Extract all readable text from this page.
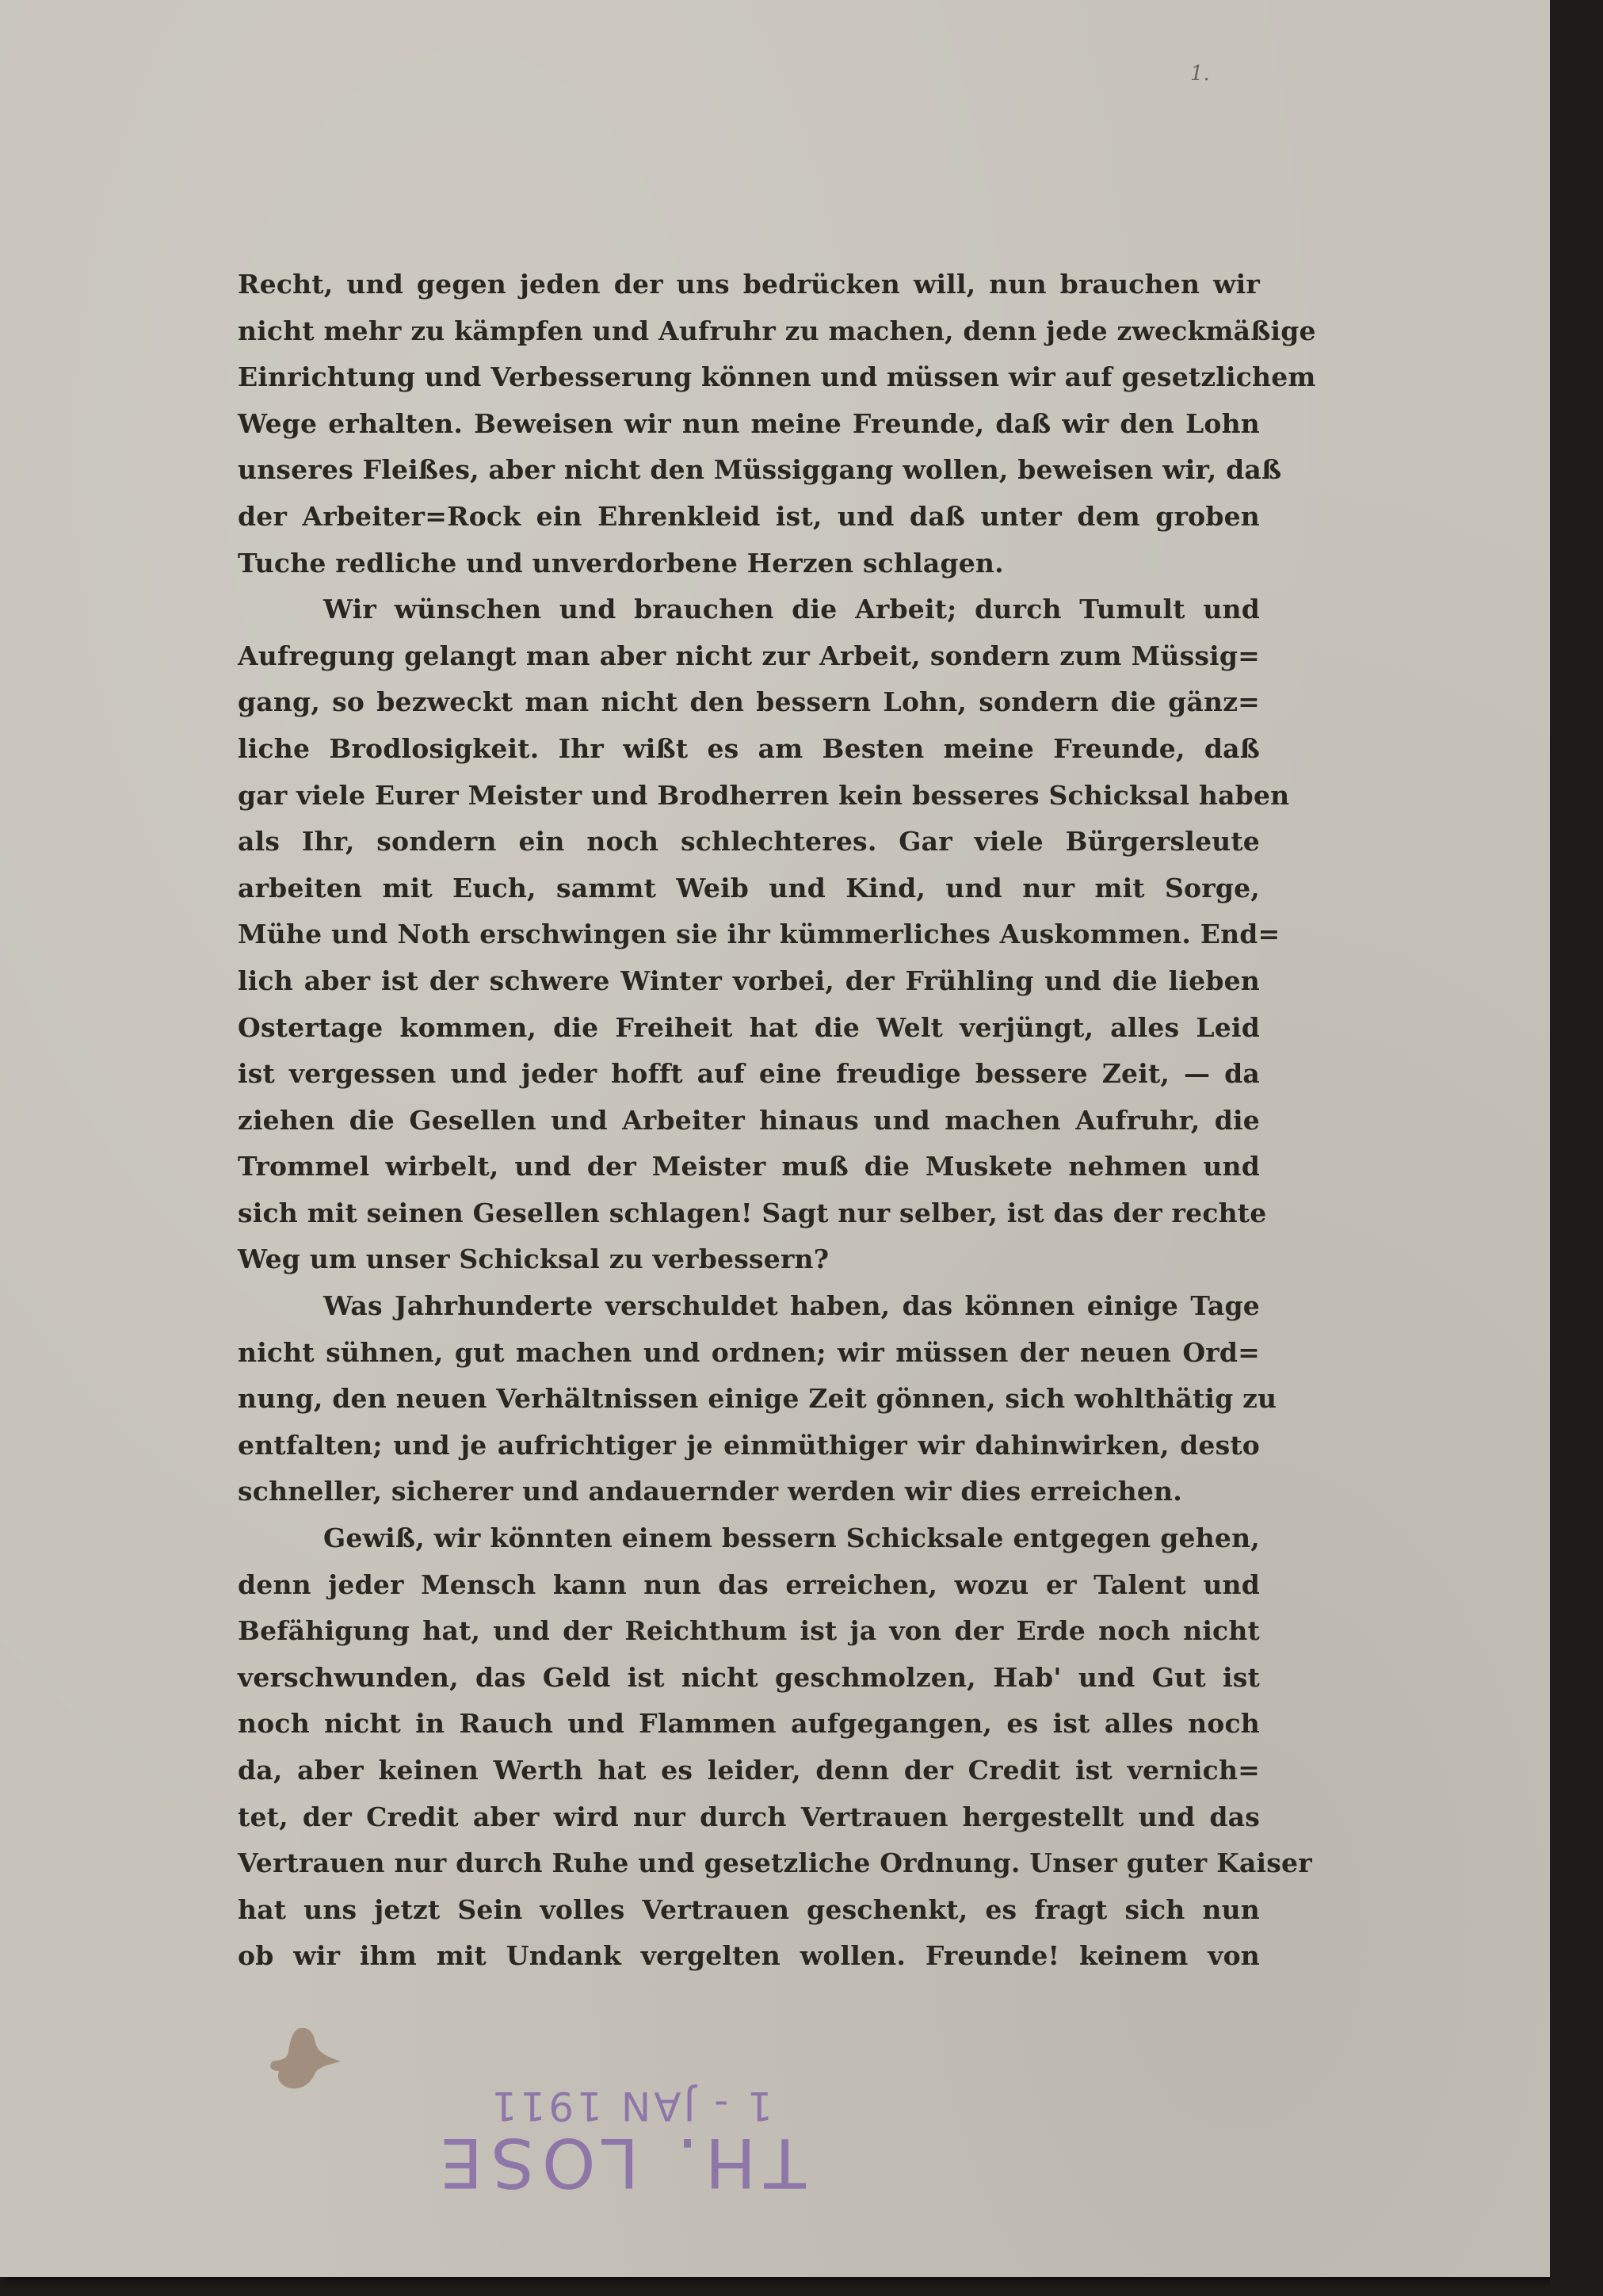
1.
Recht, und gegen jeden der uns bedrücken will, nun brauchen wir
nicht mehr zu kämpfen und Aufruhr zu machen, denn jede zweckmäßige
Einrichtung und Verbesserung können und müssen wir auf gesetzlichem
Wege erhalten. Beweisen wir nun meine Freunde, daß wir den Lohn
unseres Fleißes, aber nicht den Müssiggang wollen, beweisen wir, daß
der Arbeiter=Rock ein Ehrenkleid ist, und daß unter dem groben
Tuche redliche und unverdorbene Herzen schlagen.
Wir wünschen und brauchen die Arbeit; durch Tumult und
Aufregung gelangt man aber nicht zur Arbeit, sondern zum Müssig=
gang, so bezweckt man nicht den bessern Lohn, sondern die gänz=
liche Brodlosigkeit. Ihr wißt es am Besten meine Freunde, daß
gar viele Eurer Meister und Brodherren kein besseres Schicksal haben
als Ihr, sondern ein noch schlechteres. Gar viele Bürgersleute
arbeiten mit Euch, sammt Weib und Kind, und nur mit Sorge,
Mühe und Noth erschwingen sie ihr kümmerliches Auskommen. End=
lich aber ist der schwere Winter vorbei, der Frühling und die lieben
Ostertage kommen, die Freiheit hat die Welt verjüngt, alles Leid
ist vergessen und jeder hofft auf eine freudige bessere Zeit, — da
ziehen die Gesellen und Arbeiter hinaus und machen Aufruhr, die
Trommel wirbelt, und der Meister muß die Muskete nehmen und
sich mit seinen Gesellen schlagen! Sagt nur selber, ist das der rechte
Weg um unser Schicksal zu verbessern?
Was Jahrhunderte verschuldet haben, das können einige Tage
nicht sühnen, gut machen und ordnen; wir müssen der neuen Ord=
nung, den neuen Verhältnissen einige Zeit gönnen, sich wohlthätig zu
entfalten; und je aufrichtiger je einmüthiger wir dahinwirken, desto
schneller, sicherer und andauernder werden wir dies erreichen.
Gewiß, wir könnten einem bessern Schicksale entgegen gehen,
denn jeder Mensch kann nun das erreichen, wozu er Talent und
Befähigung hat, und der Reichthum ist ja von der Erde noch nicht
verschwunden, das Geld ist nicht geschmolzen, Hab' und Gut ist
noch nicht in Rauch und Flammen aufgegangen, es ist alles noch
da, aber keinen Werth hat es leider, denn der Credit ist vernich=
tet, der Credit aber wird nur durch Vertrauen hergestellt und das
Vertrauen nur durch Ruhe und gesetzliche Ordnung. Unser guter Kaiser
hat uns jetzt Sein volles Vertrauen geschenkt, es fragt sich nun
ob wir ihm mit Undank vergelten wollen. Freunde! keinem von
TH. LOSE
1 - JAN 1911
